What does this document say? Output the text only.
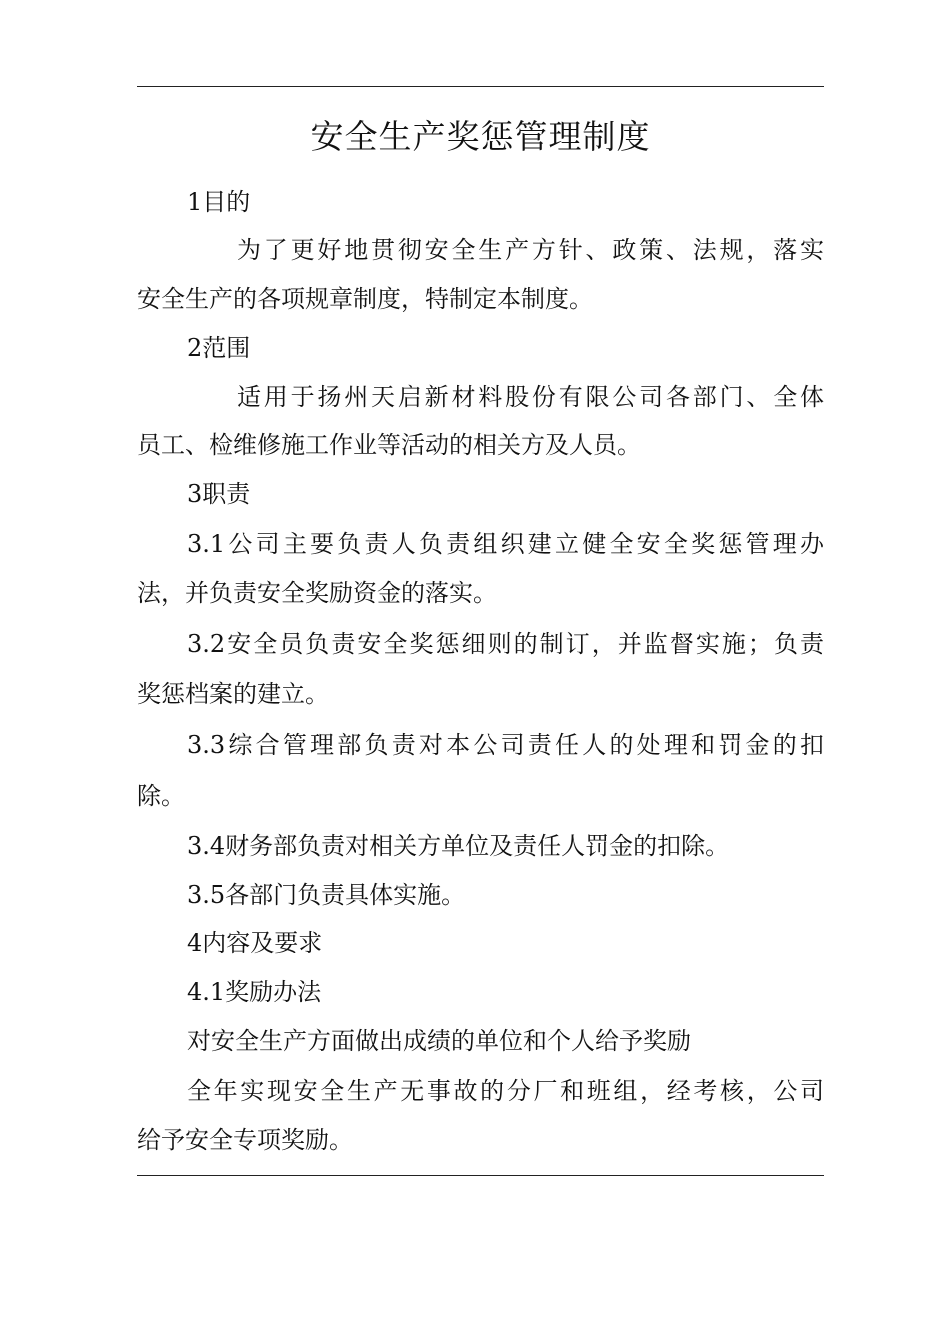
安全生产奖惩管理制度
1目的
为了更好地贯彻安全生产方针、政策、法规，落实
安全生产的各项规章制度，特制定本制度。
2范围
适用于扬州天启新材料股份有限公司各部门、全体
员工、检维修施工作业等活动的相关方及人员。
3职责
3.1公司主要负责人负责组织建立健全安全奖惩管理办
法，并负责安全奖励资金的落实。
3.2安全员负责安全奖惩细则的制订，并监督实施；负责
奖惩档案的建立。
3.3综合管理部负责对本公司责任人的处理和罚金的扣
除。
3.4财务部负责对相关方单位及责任人罚金的扣除。
3.5各部门负责具体实施。
4内容及要求
4.1奖励办法
对安全生产方面做出成绩的单位和个人给予奖励
全年实现安全生产无事故的分厂和班组，经考核，公司
给予安全专项奖励。
